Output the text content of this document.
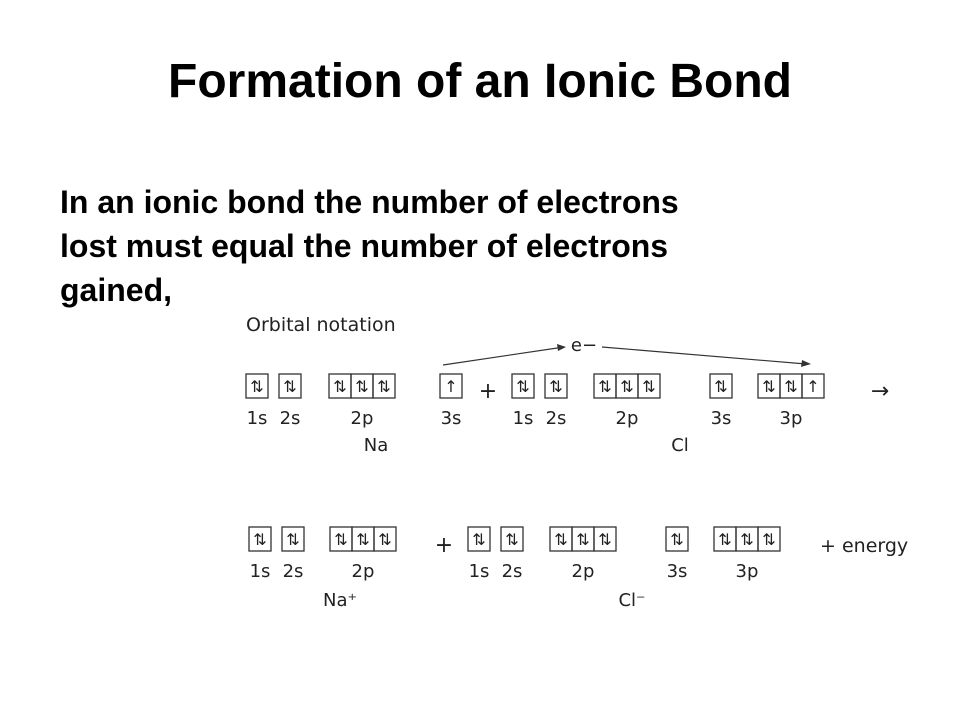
Formation of an Ionic Bond
In an ionic bond the number of electrons
lost must equal the number of electrons
gained,
Orbital notation
⇅
1s
⇅
2s
⇅ ⇅ ⇅
2p
↑
3s
+ ⇅
1s
⇅
2s
⇅ ⇅ ⇅
2p
⇅
3s
⇅ ⇅ ↑
3p
→
Na	Cl
e−
⇅
1s
⇅
2s
⇅ ⇅ ⇅
2p
+ ⇅
1s
⇅
2s
⇅ ⇅ ⇅
2p
⇅
3s
⇅ ⇅ ⇅
3p
+ energy
Na⁺	Cl⁻
